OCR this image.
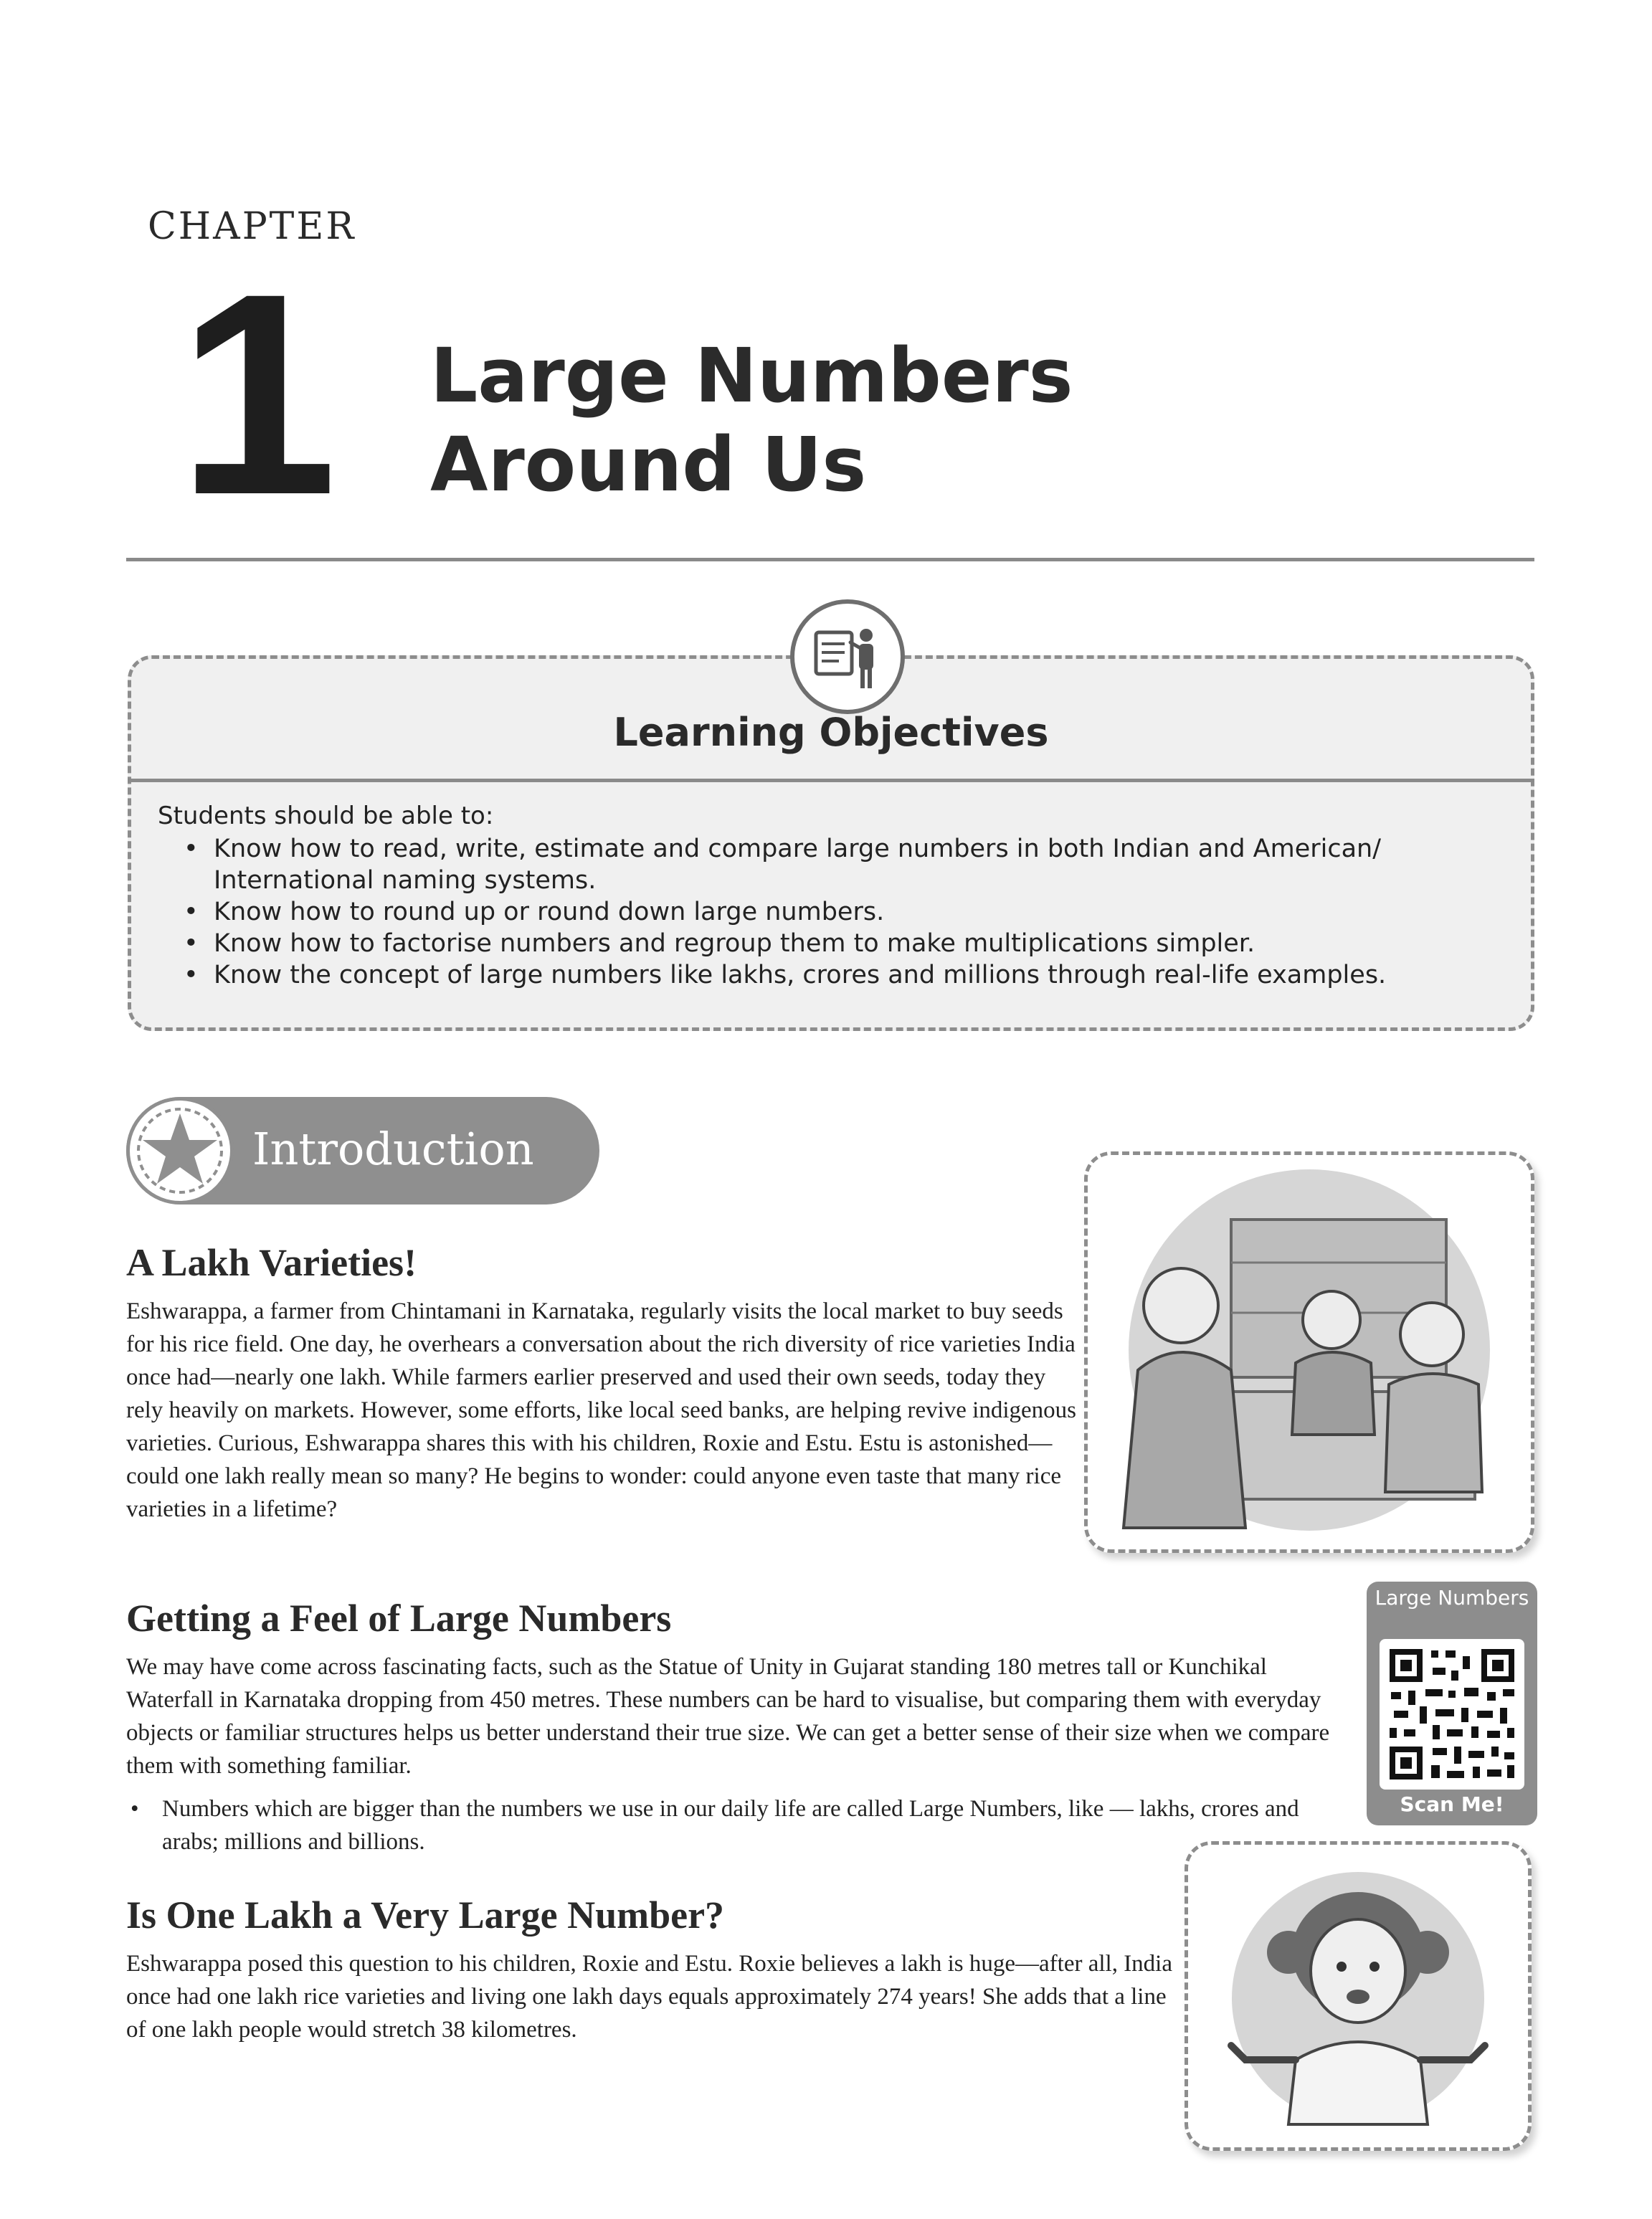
CHAPTER
1 Large Numbers
Around Us
Learning Objectives
Students should be able to:
• Know how to read, write, estimate and compare large numbers in both Indian and American/ International naming systems.
• Know how to round up or round down large numbers.
• Know how to factorise numbers and regroup them to make multiplications simpler.
• Know the concept of large numbers like lakhs, crores and millions through real-life examples.
Introduction
A Lakh Varieties!

Eshwarappa, a farmer from Chintamani in Karnataka, regularly visits the local market to buy seeds for his rice field. One day, he overhears a conversation about the rich diversity of rice varieties India once had—nearly one lakh. While farmers earlier preserved and used their own seeds, today they rely heavily on markets. However, some efforts, like local seed banks, are helping revive indigenous varieties. Curious, Eshwarappa shares this with his children, Roxie and Estu. Estu is astonished—could one lakh really mean so many? He begins to wonder: could anyone even taste that many rice varieties in a lifetime?

Getting a Feel of Large Numbers

We may have come across fascinating facts, such as the Statue of Unity in Gujarat standing 180 metres tall or Kunchikal Waterfall in Karnataka dropping from 450 metres. These numbers can be hard to visualise, but comparing them with everyday objects or familiar structures helps us better understand their true size. We can get a better sense of their size when we compare them with something familiar.

• Numbers which are bigger than the numbers we use in our daily life are called Large Numbers, like — lakhs, crores and arabs; millions and billions.
Large Numbers
Scan Me!
Is One Lakh a Very Large Number?

Eshwarappa posed this question to his children, Roxie and Estu. Roxie believes a lakh is huge—after all, India once had one lakh rice varieties and living one lakh days equals approximately 274 years! She adds that a line of one lakh people would stretch 38 kilometres.
